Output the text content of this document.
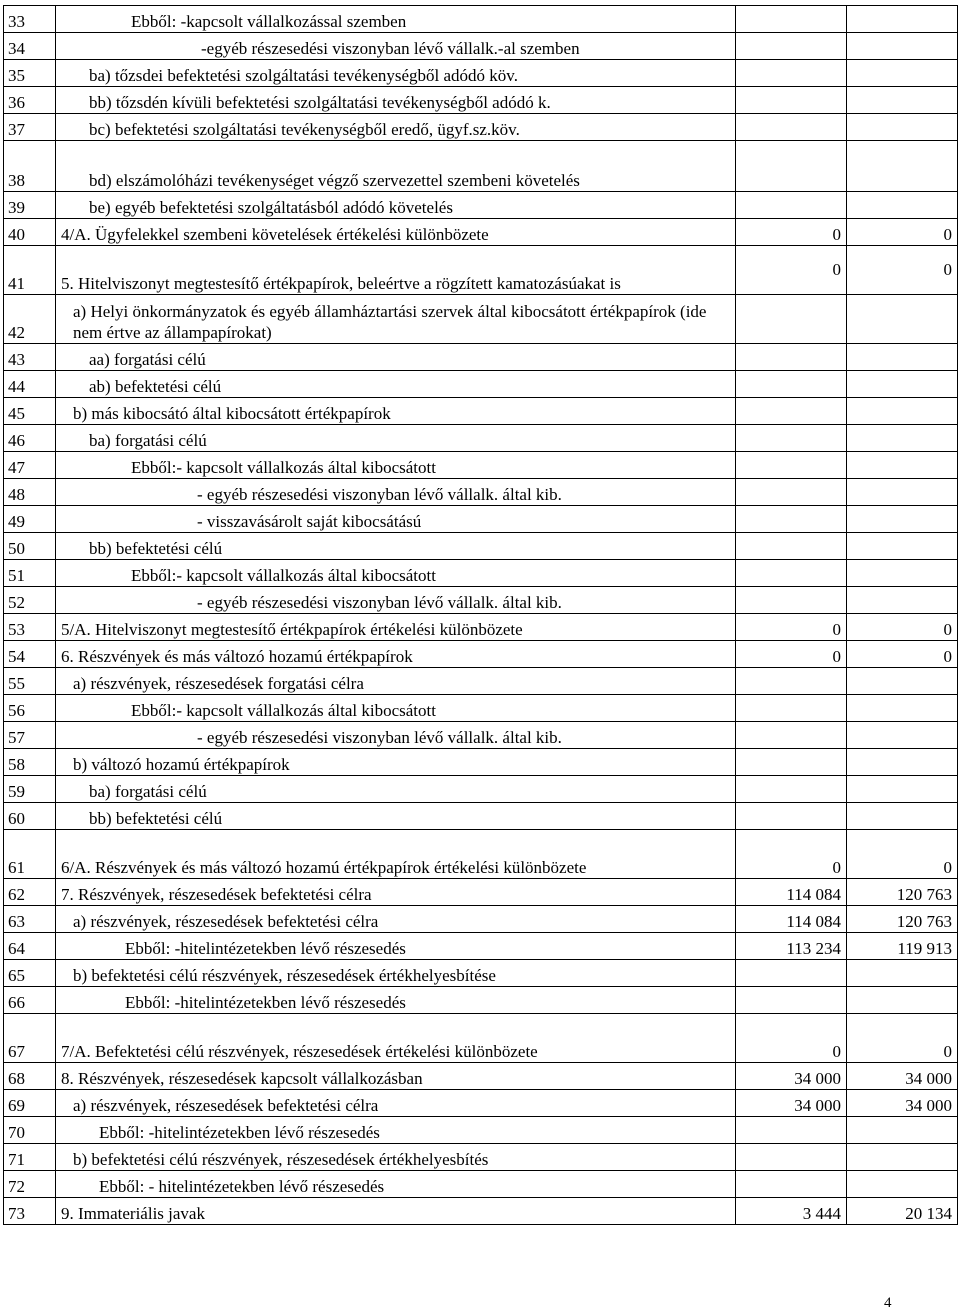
33	Ebből: -kapcsolt vállalkozással szemben		
34	-egyéb részesedési viszonyban lévő vállalk.-al szemben		
35	ba) tőzsdei befektetési szolgáltatási tevékenységből adódó köv.		
36	bb) tőzsdén kívüli befektetési szolgáltatási tevékenységből adódó k.		
37	bc) befektetési szolgáltatási tevékenységből eredő, ügyf.sz.köv.		
38	bd) elszámolóházi tevékenységet végző szervezettel szembeni követelés		
39	be) egyéb befektetési szolgáltatásból adódó követelés		
40	4/A. Ügyfelekkel szembeni követelések értékelési különbözete	0	0
41	5. Hitelviszonyt megtestesítő értékpapírok, beleértve a rögzített kamatozásúakat is	0	0
42	a) Helyi önkormányzatok és egyéb államháztartási szervek által kibocsátott értékpapírok (ide nem értve az állampapírokat)		
43	aa) forgatási célú		
44	ab) befektetési célú		
45	b) más kibocsátó által kibocsátott értékpapírok		
46	ba) forgatási célú		
47	Ebből:- kapcsolt vállalkozás által kibocsátott		
48	- egyéb részesedési viszonyban lévő vállalk. által kib.		
49	- visszavásárolt saját kibocsátású		
50	bb) befektetési célú		
51	Ebből:- kapcsolt vállalkozás által kibocsátott		
52	- egyéb részesedési viszonyban lévő vállalk. által kib.		
53	5/A. Hitelviszonyt megtestesítő értékpapírok értékelési különbözete	0	0
54	6. Részvények és más változó hozamú értékpapírok	0	0
55	a) részvények, részesedések forgatási célra		
56	Ebből:- kapcsolt vállalkozás által kibocsátott		
57	- egyéb részesedési viszonyban lévő vállalk. által kib.		
58	b) változó hozamú értékpapírok		
59	ba) forgatási célú		
60	bb) befektetési célú		
61	6/A. Részvények és más változó hozamú értékpapírok értékelési különbözete	0	0
62	7. Részvények, részesedések befektetési célra	114 084	120 763
63	a) részvények, részesedések befektetési célra	114 084	120 763
64	Ebből: -hitelintézetekben lévő részesedés	113 234	119 913
65	b) befektetési célú részvények, részesedések értékhelyesbítése		
66	Ebből: -hitelintézetekben lévő részesedés		
67	7/A. Befektetési célú részvények, részesedések értékelési különbözete	0	0
68	8. Részvények, részesedések kapcsolt vállalkozásban	34 000	34 000
69	a) részvények, részesedések befektetési célra	34 000	34 000
70	Ebből: -hitelintézetekben lévő részesedés		
71	b) befektetési célú részvények, részesedések értékhelyesbítés		
72	Ebből: - hitelintézetekben lévő részesedés		
73	9. Immateriális javak	3 444	20 134
4
